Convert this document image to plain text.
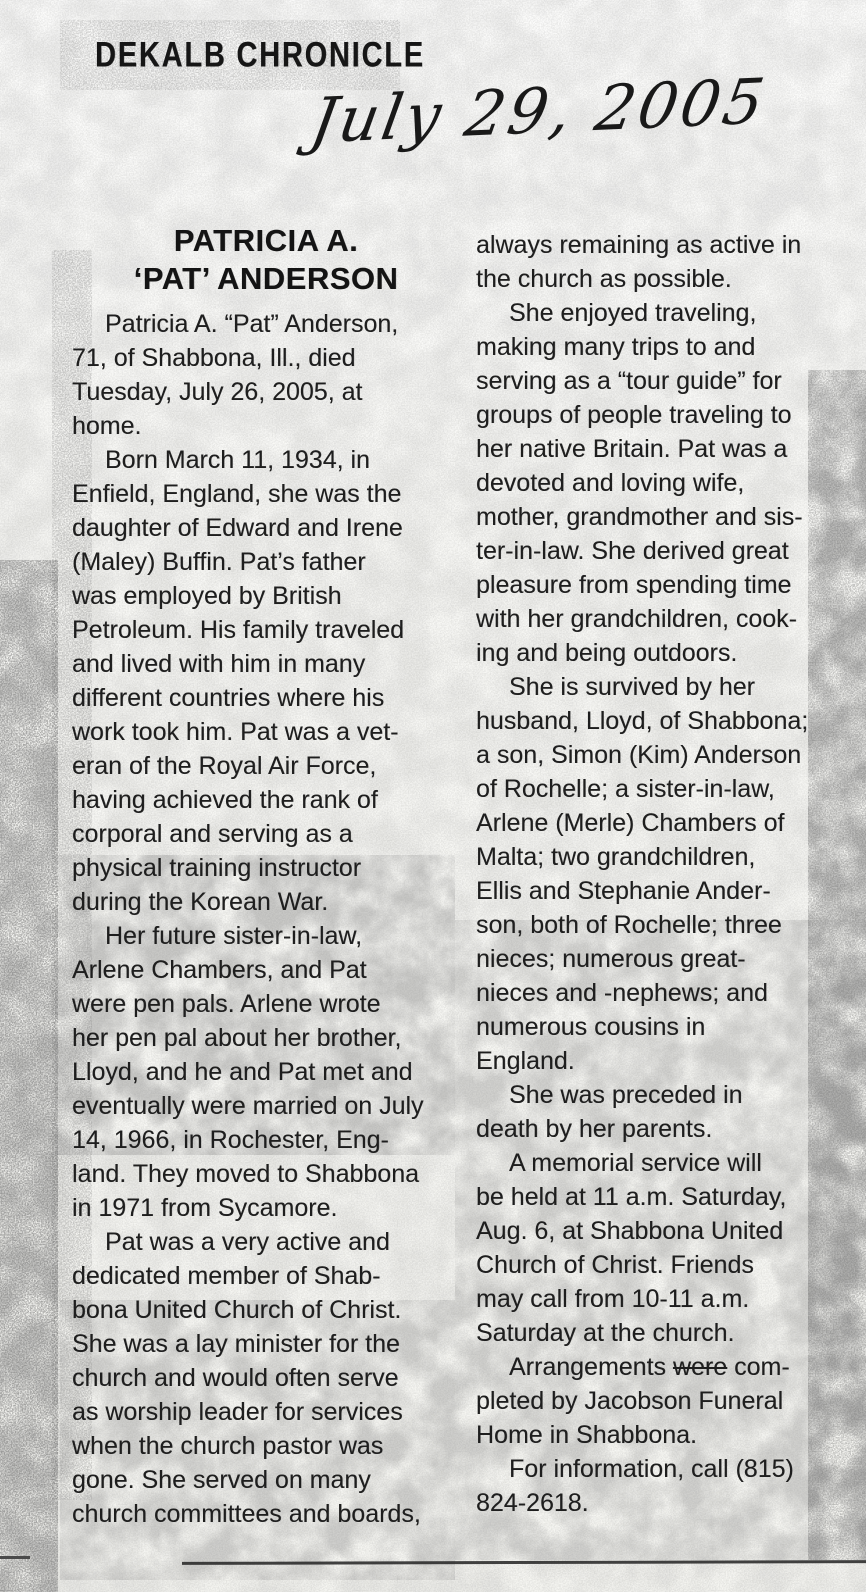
DEKALB CHRONICLE
July 29, 2005
PATRICIA A.
‘PAT’ ANDERSON
Patricia A. “Pat” Anderson,
71, of Shabbona, Ill., died
Tuesday, July 26, 2005, at
home.
Born March 11, 1934, in
Enfield, England, she was the
daughter of Edward and Irene
(Maley) Buffin. Pat’s father
was employed by British
Petroleum. His family traveled
and lived with him in many
different countries where his
work took him. Pat was a vet-
eran of the Royal Air Force,
having achieved the rank of
corporal and serving as a
physical training instructor
during the Korean War.
Her future sister-in-law,
Arlene Chambers, and Pat
were pen pals. Arlene wrote
her pen pal about her brother,
Lloyd, and he and Pat met and
eventually were married on July
14, 1966, in Rochester, Eng-
land. They moved to Shabbona
in 1971 from Sycamore.
Pat was a very active and
dedicated member of Shab-
bona United Church of Christ.
She was a lay minister for the
church and would often serve
as worship leader for services
when the church pastor was
gone. She served on many
church committees and boards,
always remaining as active in
the church as possible.
She enjoyed traveling,
making many trips to and
serving as a “tour guide” for
groups of people traveling to
her native Britain. Pat was a
devoted and loving wife,
mother, grandmother and sis-
ter-in-law. She derived great
pleasure from spending time
with her grandchildren, cook-
ing and being outdoors.
She is survived by her
husband, Lloyd, of Shabbona;
a son, Simon (Kim) Anderson
of Rochelle; a sister-in-law,
Arlene (Merle) Chambers of
Malta; two grandchildren,
Ellis and Stephanie Ander-
son, both of Rochelle; three
nieces; numerous great-
nieces and -nephews; and
numerous cousins in
England.
She was preceded in
death by her parents.
A memorial service will
be held at 11 a.m. Saturday,
Aug. 6, at Shabbona United
Church of Christ. Friends
may call from 10-11 a.m.
Saturday at the church.
Arrangements were com-
pleted by Jacobson Funeral
Home in Shabbona.
For information, call (815)
824-2618.
